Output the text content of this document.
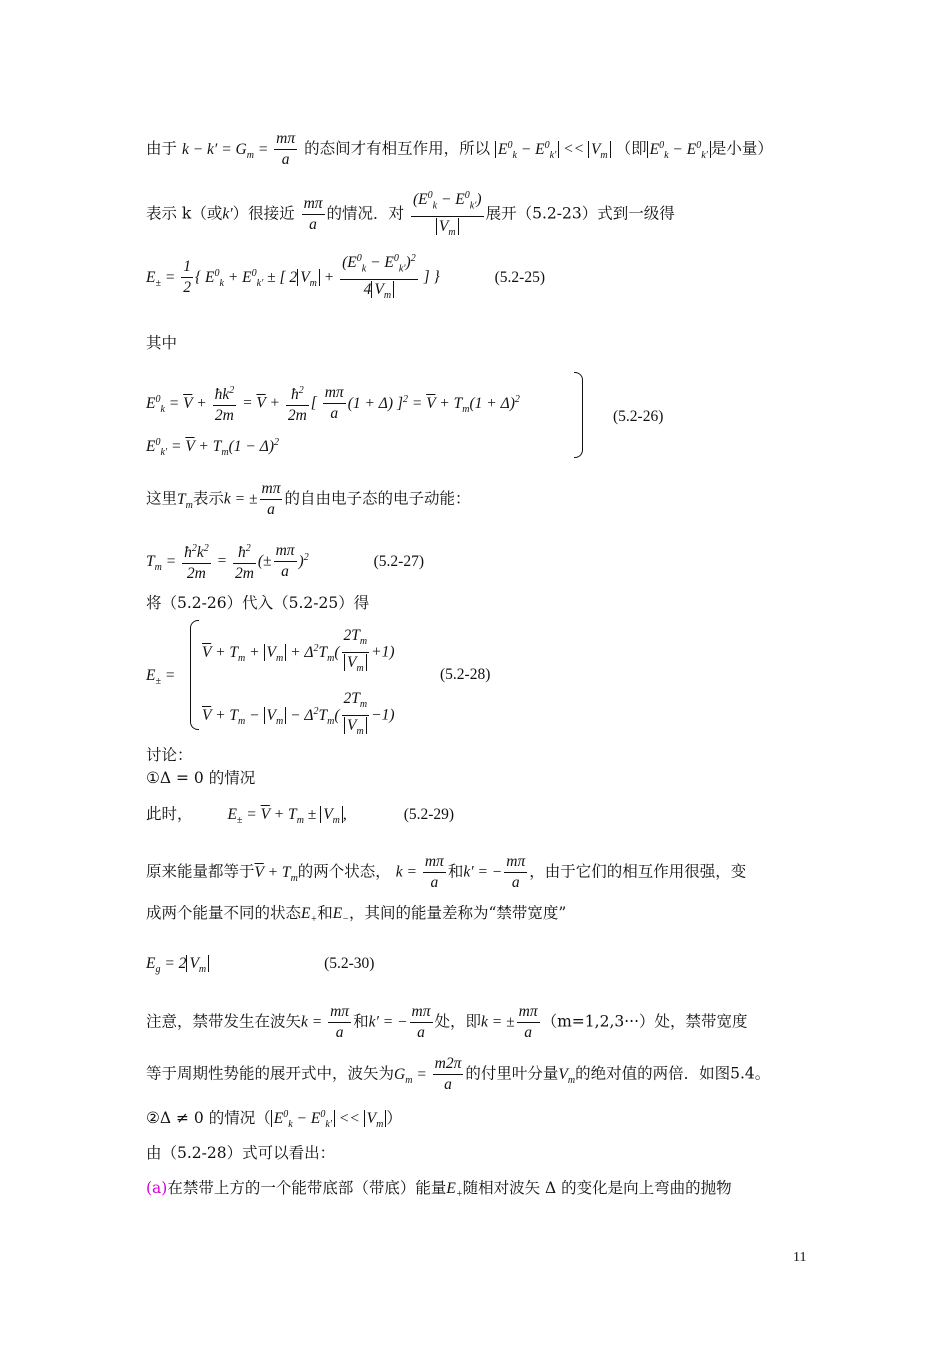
由于 $k - k' = G_m = \frac{m\pi}{a}$ 的态间才有相互作用，所以 $E^0_k - E^0_{k'} << V_m$ （即 $E^0_k - E^0_{k'}$ 是小量）
表示 k（或k′）很接近 $\frac{m\pi}{a}$ 的情况．对 $\frac{(E^0_k - E^0_{k'})}{V_m}$ 展开（5.2-23）式到一级得
$E_\pm = \frac{1}{2}$ { $E^0_k + E^0_{k'}$ ± [ 2 $V_m + \frac{(E^0_k - E^0_{k'})^2}{4 V_m}$ ] }	(5.2-25)
其中
$E^0_k = \overline{V} + \frac{ħk^2}{2m} = \overline{V} + \frac{ħ^2}{2m}$ [ $\frac{m\pi}{a} (1 + \Delta) ]^2 = \overline{V} + T_m(1 + \Delta)^2$
$E^0_{k'} = \overline{V} + T_m(1 - \Delta)^2$
(5.2-26)
这里$T_m$表示k = ± $\frac{m\pi}{a}$ 的自由电子态的电子动能：
$T_m = \frac{ħ^2k^2}{2m} = \frac{ħ^2}{2m}$ (± $\frac{m\pi}{a} )^2$	(5.2-27)
将（5.2-26）代入（5.2-25）得
$E_\pm$ =
$\overline{V} + T_m + V_m + \Delta^2T_m( \frac{2T_m}{V_m} +1)$
$\overline{V} + T_m - V_m - \Delta^2T_m( \frac{2T_m}{V_m} -1)$
(5.2-28)
讨论：
①Δ = 0 的情况
此时， $E_\pm = \overline{V} + T_m \pm V_m$ ,	(5.2-29)
原来能量都等于$\overline{V} + T_m$的两个状态， $k = \frac{m\pi}{a}$ 和k′ = − $\frac{m\pi}{a}$ ，由于它们的相互作用很强，变
成两个能量不同的状态$E_+$和$E_-$，其间的能量差称为“禁带宽度”
$E_g = 2$ $V_m$	(5.2-30)
注意，禁带发生在波矢$k = \frac{m\pi}{a}$ 和k′ = − $\frac{m\pi}{a}$ 处，即k = ± $\frac{m\pi}{a} (m=1,2,3\cdot\cdot\cdot)$处，禁带宽度
等于周期性势能的展开式中，波矢为$G_m = \frac{m2\pi}{a}$ 的付里叶分量$V_m$的绝对值的两倍．如图5.4。
②Δ ≠ 0 的情况（ $E^0_k - E^0_{k'} << V_m$ ）
由（5.2-28）式可以看出：
(a)在禁带上方的一个能带底部（带底）能量$E_+$随相对波矢 Δ 的变化是向上弯曲的抛物
11
